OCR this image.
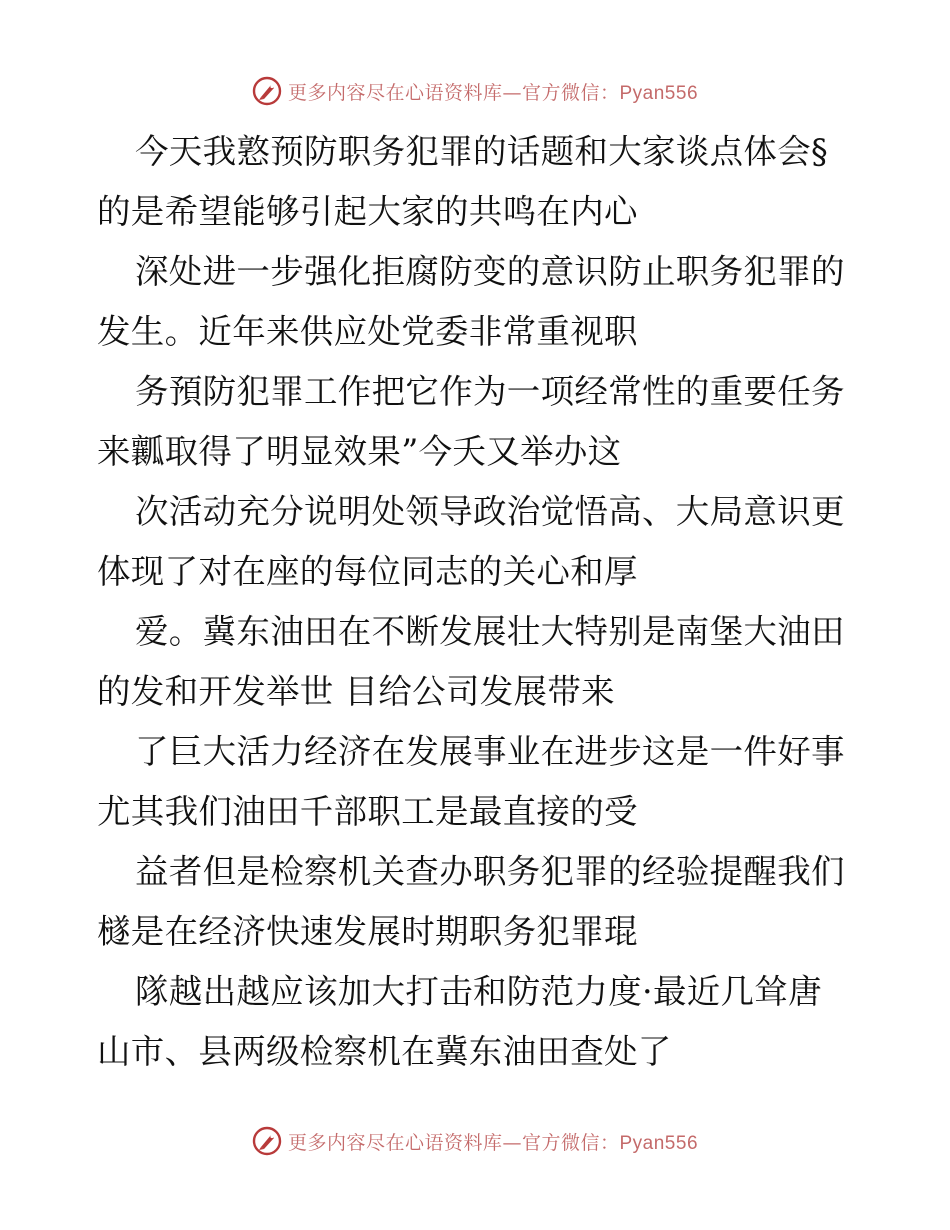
更多内容尽在心语资料库—官方微信：Pyan556
今天我憝预防职务犯罪的话题和大家谈点体会§
的是希望能够引起大家的共鸣在内心
深处进一步强化拒腐防变的意识防止职务犯罪的
发生。近年来供应处党委非常重视职
务預防犯罪工作把它作为一项经常性的重要任务
来瓤取得了明显效果”今夭又举办这
次活动充分说明处领导政治觉悟高、大局意识更
体现了对在座的每位同志的关心和厚
爱。冀东油田在不断发展壮大特别是南堡大油田
的发和开发举世 目给公司发展带来
了巨大活力经济在发展事业在进步这是一件好事
尤其我们油田千部职工是最直接的受
益者但是检察机关查办职务犯罪的经验提醒我们
檖是在经济快速发展时期职务犯罪琨
隊越出越应该加大打击和防范力度·最近几耸唐
山市、县两级检察机在冀东油田查处了
更多内容尽在心语资料库—官方微信：Pyan556
